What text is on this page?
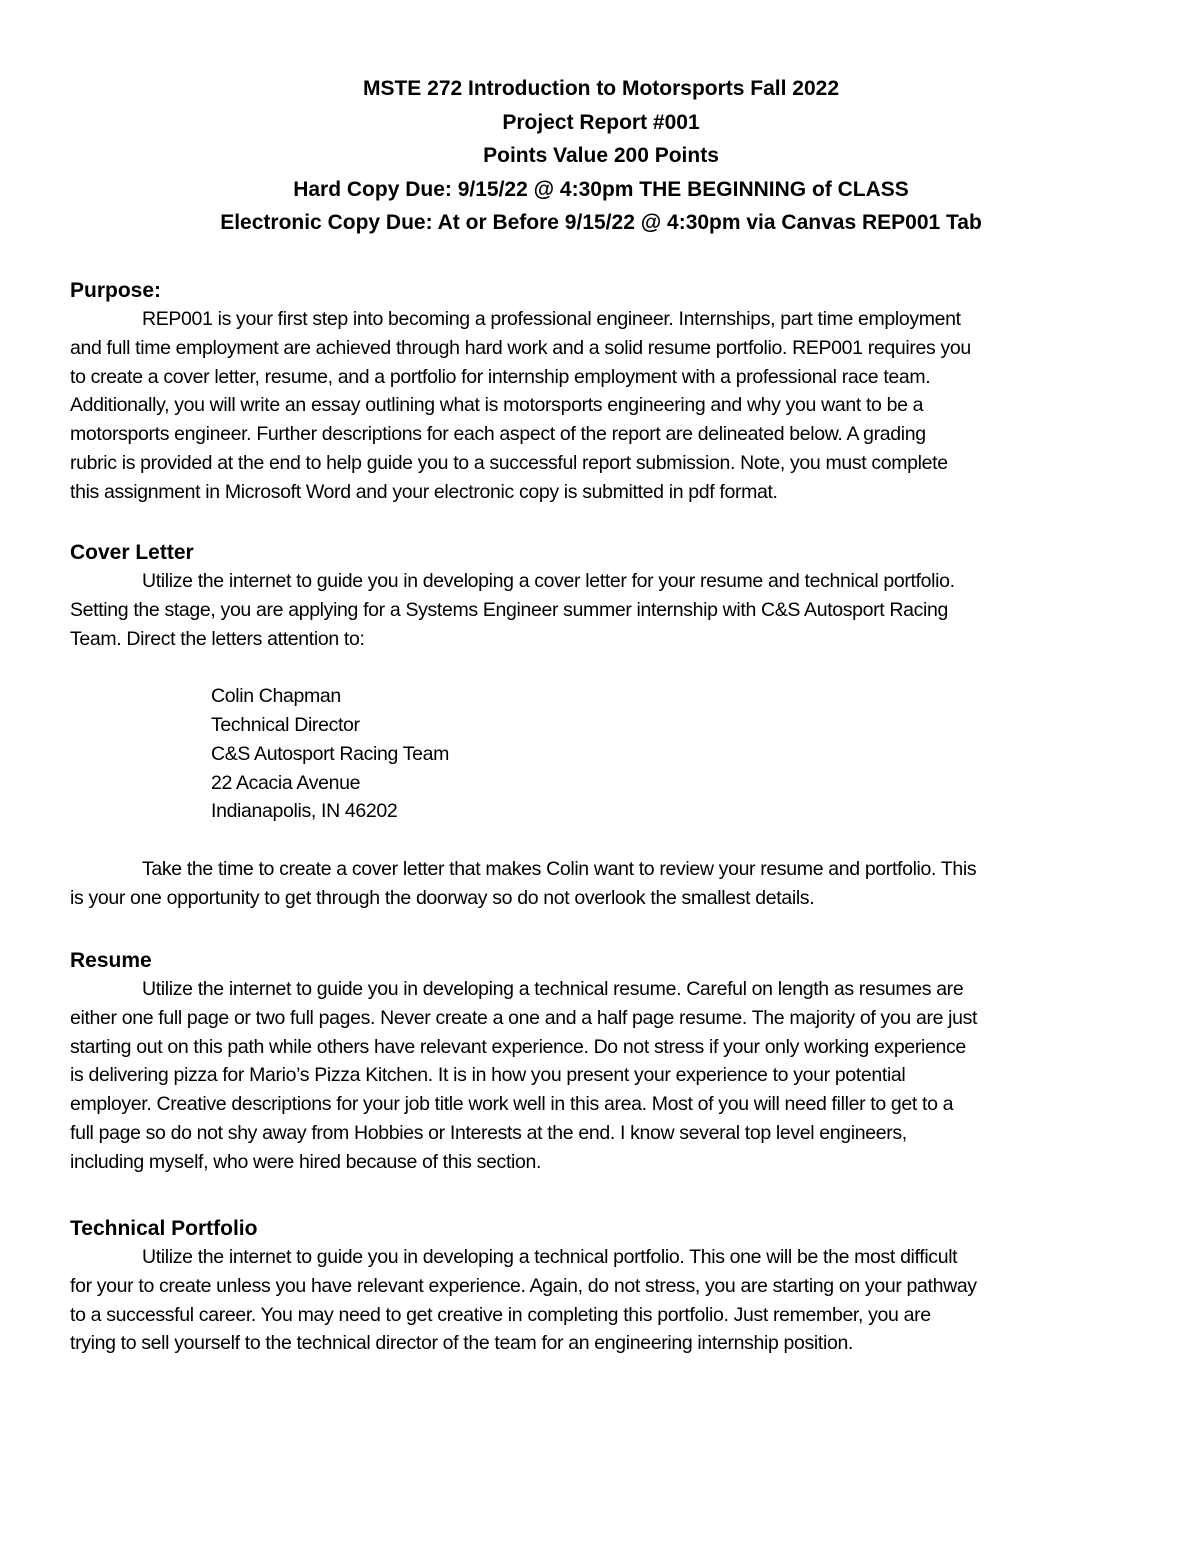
MSTE 272 Introduction to Motorsports Fall 2022
Project Report #001
Points Value 200 Points
Hard Copy Due: 9/15/22 @ 4:30pm THE BEGINNING of CLASS
Electronic Copy Due: At or Before 9/15/22 @ 4:30pm via Canvas REP001 Tab

Purpose:

REP001 is your first step into becoming a professional engineer. Internships, part time employment
and full time employment are achieved through hard work and a solid resume portfolio. REP001 requires you
to create a cover letter, resume, and a portfolio for internship employment with a professional race team.
Additionally, you will write an essay outlining what is motorsports engineering and why you want to be a
motorsports engineer. Further descriptions for each aspect of the report are delineated below. A grading
rubric is provided at the end to help guide you to a successful report submission. Note, you must complete
this assignment in Microsoft Word and your electronic copy is submitted in pdf format.

Cover Letter

Utilize the internet to guide you in developing a cover letter for your resume and technical portfolio.
Setting the stage, you are applying for a Systems Engineer summer internship with C&S Autosport Racing
Team. Direct the letters attention to:

Colin Chapman
Technical Director
C&S Autosport Racing Team
22 Acacia Avenue
Indianapolis, IN 46202

Take the time to create a cover letter that makes Colin want to review your resume and portfolio. This
is your one opportunity to get through the doorway so do not overlook the smallest details.

Resume

Utilize the internet to guide you in developing a technical resume. Careful on length as resumes are
either one full page or two full pages. Never create a one and a half page resume. The majority of you are just
starting out on this path while others have relevant experience. Do not stress if your only working experience
is delivering pizza for Mario’s Pizza Kitchen. It is in how you present your experience to your potential
employer. Creative descriptions for your job title work well in this area. Most of you will need filler to get to a
full page so do not shy away from Hobbies or Interests at the end. I know several top level engineers,
including myself, who were hired because of this section.

Technical Portfolio

Utilize the internet to guide you in developing a technical portfolio. This one will be the most difficult
for your to create unless you have relevant experience. Again, do not stress, you are starting on your pathway
to a successful career. You may need to get creative in completing this portfolio. Just remember, you are
trying to sell yourself to the technical director of the team for an engineering internship position.
